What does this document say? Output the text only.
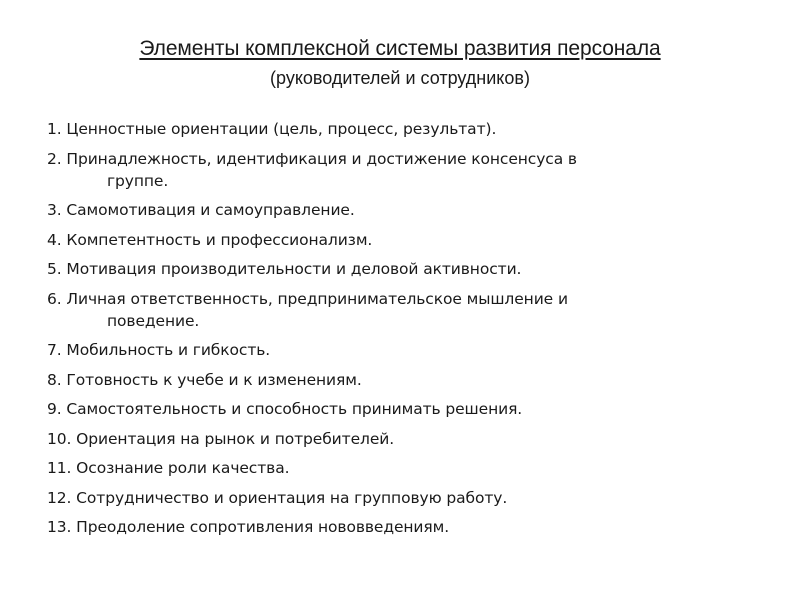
Элементы комплексной системы развития персонала
(руководителей и сотрудников)
1. Ценностные ориентации (цель, процесс, результат).
2. Принадлежность, идентификация и достижение консенсуса в
группе.
3. Самомотивация и самоуправление.
4. Компетентность и профессионализм.
5. Мотивация производительности и деловой активности.
6. Личная ответственность, предпринимательское мышление и
поведение.
7. Мобильность и гибкость.
8. Готовность к учебе и к изменениям.
9. Самостоятельность и способность принимать решения.
10. Ориентация на рынок и потребителей.
11. Осознание роли качества.
12. Сотрудничество и ориентация на групповую работу.
13. Преодоление сопротивления нововведениям.
